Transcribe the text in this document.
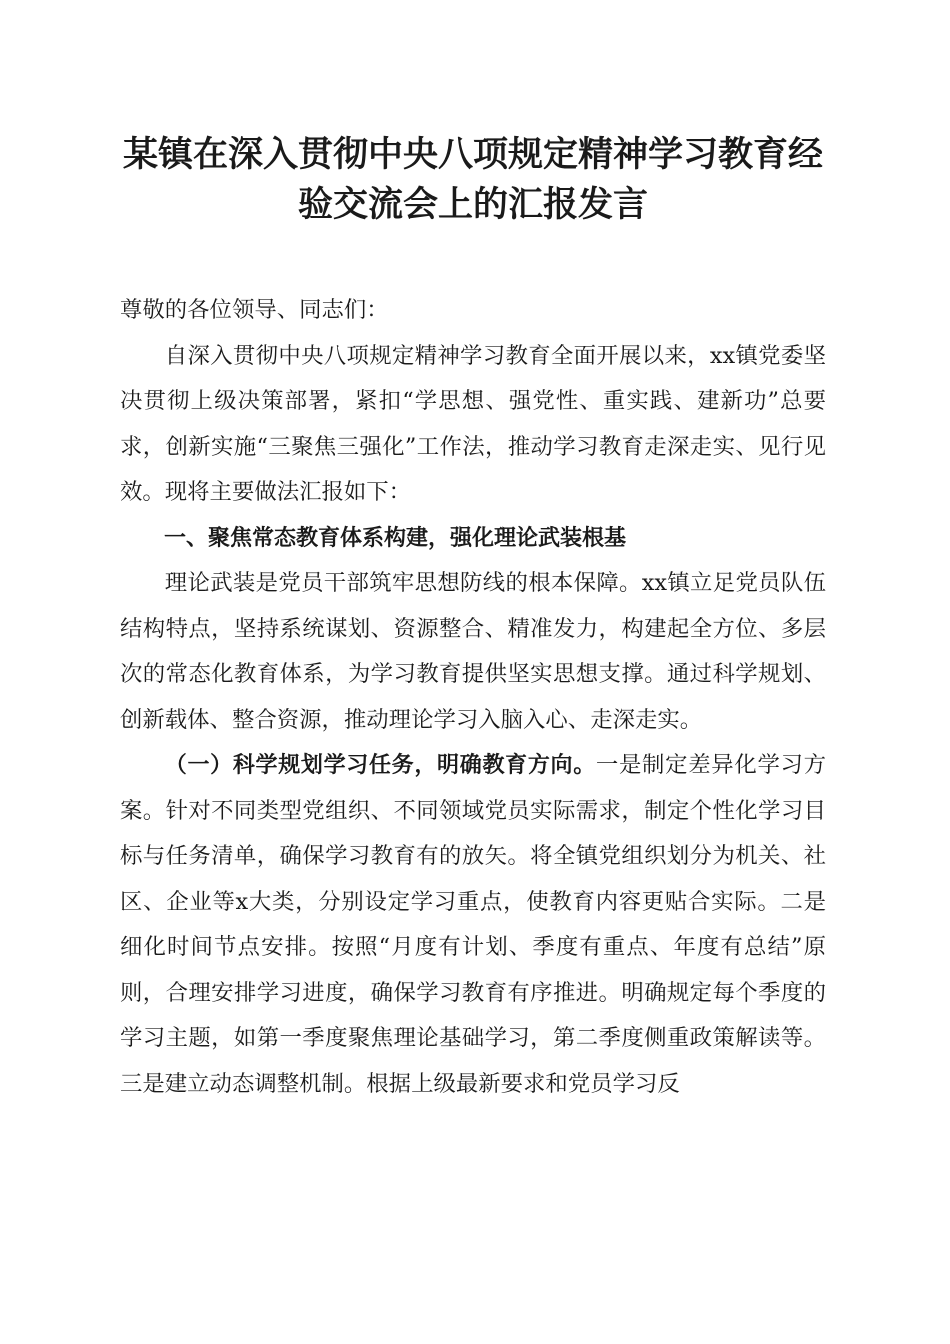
某镇在深入贯彻中央八项规定精神学习教育经
验交流会上的汇报发言

尊敬的各位领导、同志们：

自深入贯彻中央八项规定精神学习教育全面开展以来，xx镇党委坚决贯彻上级决策部署，紧扣“学思想、强党性、重实践、建新功”总要求，创新实施“三聚焦三强化”工作法，推动学习教育走深走实、见行见效。现将主要做法汇报如下：

一、聚焦常态教育体系构建，强化理论武装根基

理论武装是党员干部筑牢思想防线的根本保障。xx镇立足党员队伍结构特点，坚持系统谋划、资源整合、精准发力，构建起全方位、多层次的常态化教育体系，为学习教育提供坚实思想支撑。通过科学规划、创新载体、整合资源，推动理论学习入脑入心、走深走实。

（一）科学规划学习任务，明确教育方向。一是制定差异化学习方案。针对不同类型党组织、不同领域党员实际需求，制定个性化学习目标与任务清单，确保学习教育有的放矢。将全镇党组织划分为机关、社区、企业等x大类，分别设定学习重点，使教育内容更贴合实际。二是细化时间节点安排。按照“月度有计划、季度有重点、年度有总结”原则，合理安排学习进度，确保学习教育有序推进。明确规定每个季度的学习主题，如第一季度聚焦理论基础学习，第二季度侧重政策解读等。三是建立动态调整机制。根据上级最新要求和党员学习反
